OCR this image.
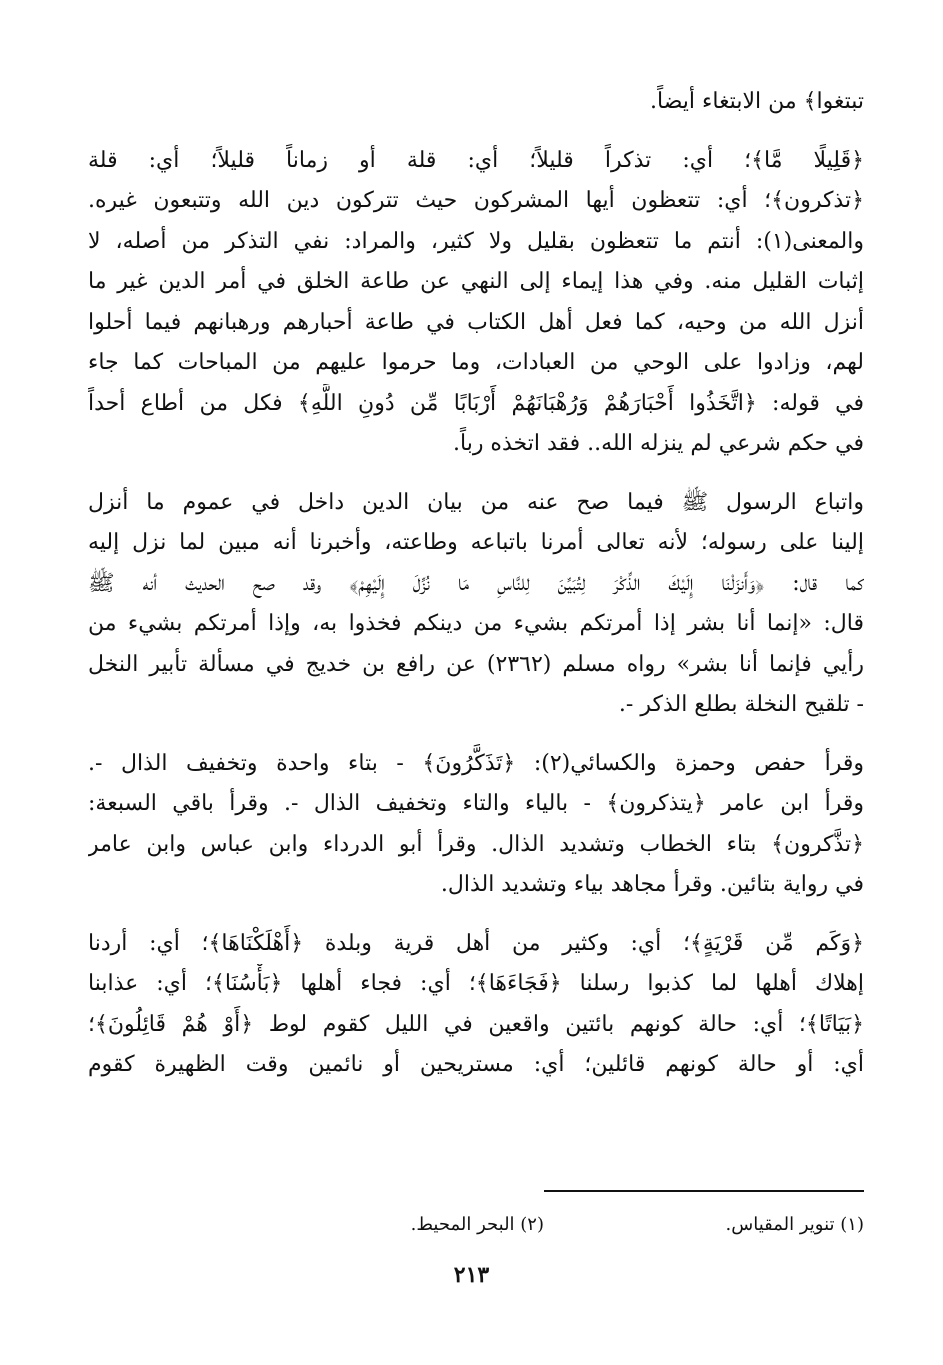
تبتغوا﴾ من الابتغاء أيضاً.
﴿قَلِيلًا مَّا﴾؛ أي: تذكراً قليلاً؛ أي: قلة أو زماناً قليلاً؛ أي: قلة
﴿تذكرون﴾؛ أي: تتعظون أيها المشركون حيث تتركون دين الله وتتبعون غيره.
والمعنى(١): أنتم ما تتعظون بقليل ولا كثير، والمراد: نفي التذكر من أصله، لا
إثبات القليل منه. وفي هذا إيماء إلى النهي عن طاعة الخلق في أمر الدين غير ما
أنزل الله من وحيه، كما فعل أهل الكتاب في طاعة أحبارهم ورهبانهم فيما أحلوا
لهم، وزادوا على الوحي من العبادات، وما حرموا عليهم من المباحات كما جاء
في قوله: ﴿اتَّخَذُوا أَحْبَارَهُمْ وَرُهْبَانَهُمْ أَرْبَابًا مِّن دُونِ اللَّهِ﴾ فكل من أطاع أحداً
في حكم شرعي لم ينزله الله.. فقد اتخذه رباً.
واتباع الرسول ﷺ فيما صح عنه من بيان الدين داخل في عموم ما أنزل
إلينا على رسوله؛ لأنه تعالى أمرنا باتباعه وطاعته، وأخبرنا أنه مبين لما نزل إليه
كما قال: ﴿وَأَنزَلْنَا إِلَيْكَ الذِّكْرَ لِتُبَيِّنَ لِلنَّاسِ مَا نُزِّلَ إِلَيْهِمْ﴾ وقد صح الحديث أنه ﷺ
قال: «إنما أنا بشر إذا أمرتكم بشيء من دينكم فخذوا به، وإذا أمرتكم بشيء من
رأيي فإنما أنا بشر» رواه مسلم (٢٣٦٢) عن رافع بن خديج في مسألة تأبير النخل
- تلقيح النخلة بطلع الذكر -.
وقرأ حفص وحمزة والكسائي(٢): ﴿تَذَكَّرُونَ﴾ - بتاء واحدة وتخفيف الذال -.
وقرأ ابن عامر ﴿يتذكرون﴾ - بالياء والتاء وتخفيف الذال -. وقرأ باقي السبعة:
﴿تذَّكرون﴾ بتاء الخطاب وتشديد الذال. وقرأ أبو الدرداء وابن عباس وابن عامر
في رواية بتائين. وقرأ مجاهد بياء وتشديد الذال.
﴿وَكَم مِّن قَرْيَةٍ﴾؛ أي: وكثير من أهل قرية وبلدة ﴿أَهْلَكْنَاهَا﴾؛ أي: أردنا
إهلاك أهلها لما كذبوا رسلنا ﴿فَجَاءَهَا﴾؛ أي: فجاء أهلها ﴿بَأْسُنَا﴾؛ أي: عذابنا
﴿بَيَاتًا﴾؛ أي: حالة كونهم بائتين واقعين في الليل كقوم لوط ﴿أَوْ هُمْ قَائِلُونَ﴾؛
أي: أو حالة كونهم قائلين؛ أي: مستريحين أو نائمين وقت الظهيرة كقوم
(١) تنوير المقياس.
(٢) البحر المحيط.
٢١٣
